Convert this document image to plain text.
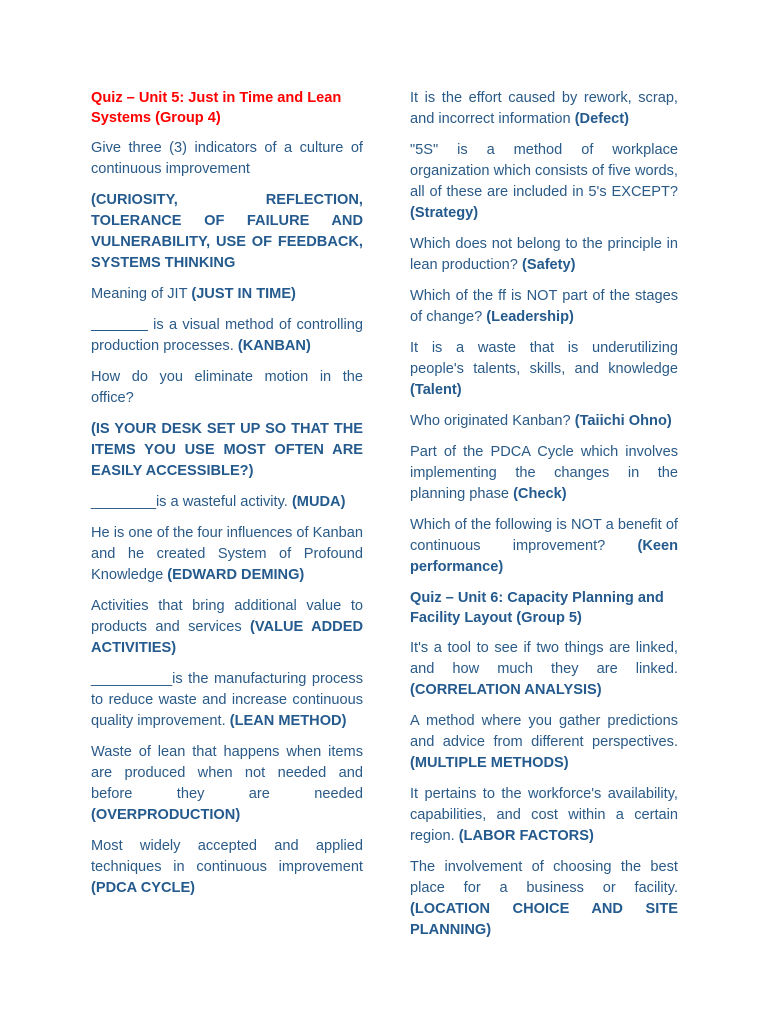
Quiz – Unit 5: Just in Time and Lean Systems (Group 4)
Give three (3) indicators of a culture of continuous improvement
(CURIOSITY, REFLECTION, TOLERANCE OF FAILURE AND VULNERABILITY, USE OF FEEDBACK, SYSTEMS THINKING
Meaning of JIT (JUST IN TIME)
_______ is a visual method of controlling production processes. (KANBAN)
How do you eliminate motion in the office?
(IS YOUR DESK SET UP SO THAT THE ITEMS YOU USE MOST OFTEN ARE EASILY ACCESSIBLE?)
________is a wasteful activity. (MUDA)
He is one of the four influences of Kanban and he created System of Profound Knowledge (EDWARD DEMING)
Activities that bring additional value to products and services (VALUE ADDED ACTIVITIES)
__________is the manufacturing process to reduce waste and increase continuous quality improvement. (LEAN METHOD)
Waste of lean that happens when items are produced when not needed and before they are needed (OVERPRODUCTION)
Most widely accepted and applied techniques in continuous improvement (PDCA CYCLE)
It is the effort caused by rework, scrap, and incorrect information (Defect)
"5S" is a method of workplace organization which consists of five words, all of these are included in 5's EXCEPT? (Strategy)
Which does not belong to the principle in lean production? (Safety)
Which of the ff is NOT part of the stages of change? (Leadership)
It is a waste that is underutilizing people's talents, skills, and knowledge (Talent)
Who originated Kanban? (Taiichi Ohno)
Part of the PDCA Cycle which involves implementing the changes in the planning phase (Check)
Which of the following is NOT a benefit of continuous improvement? (Keen performance)
Quiz – Unit 6: Capacity Planning and Facility Layout (Group 5)
It's a tool to see if two things are linked, and how much they are linked. (CORRELATION ANALYSIS)
A method where you gather predictions and advice from different perspectives. (MULTIPLE METHODS)
It pertains to the workforce's availability, capabilities, and cost within a certain region. (LABOR FACTORS)
The involvement of choosing the best place for a business or facility. (LOCATION CHOICE AND SITE PLANNING)
